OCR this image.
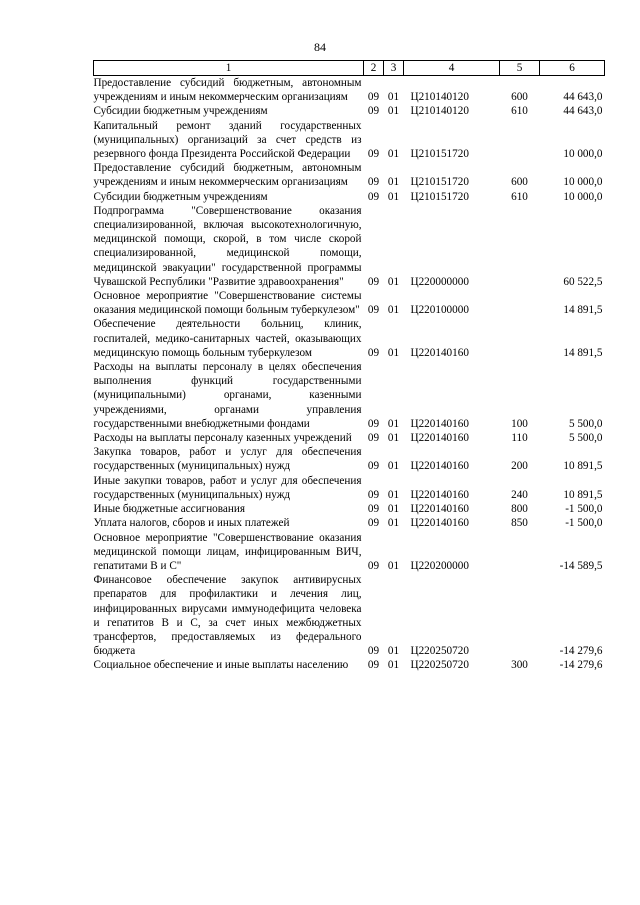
84
1	2	3	4	5	6
Предоставление субсидий бюджетным, автономным учреждениям и иным некоммерческим организациям	09	01	Ц210140120	600	44 643,0
Субсидии бюджетным учреждениям	09	01	Ц210140120	610	44 643,0
Капитальный ремонт зданий государственных (муниципальных) организаций за счет средств из резервного фонда Президента Российской Федерации	09	01	Ц210151720		10 000,0
Предоставление субсидий бюджетным, автономным учреждениям и иным некоммерческим организациям	09	01	Ц210151720	600	10 000,0
Субсидии бюджетным учреждениям	09	01	Ц210151720	610	10 000,0
Подпрограмма "Совершенствование оказания специализированной, включая высокотехнологичную, медицинской помощи, скорой, в том числе скорой специализированной, медицинской помощи, медицинской эвакуации" государственной программы Чувашской Республики "Развитие здравоохранения"	09	01	Ц220000000		60 522,5
Основное мероприятие "Совершенствование системы оказания медицинской помощи больным туберкулезом"	09	01	Ц220100000		14 891,5
Обеспечение деятельности больниц, клиник, госпиталей, медико-санитарных частей, оказывающих медицинскую помощь больным туберкулезом	09	01	Ц220140160		14 891,5
Расходы на выплаты персоналу в целях обеспечения выполнения функций государственными (муниципальными) органами, казенными учреждениями, органами управления государственными внебюджетными фондами	09	01	Ц220140160	100	5 500,0
Расходы на выплаты персоналу казенных учреждений	09	01	Ц220140160	110	5 500,0
Закупка товаров, работ и услуг для обеспечения государственных (муниципальных) нужд	09	01	Ц220140160	200	10 891,5
Иные закупки товаров, работ и услуг для обеспечения государственных (муниципальных) нужд	09	01	Ц220140160	240	10 891,5
Иные бюджетные ассигнования	09	01	Ц220140160	800	-1 500,0
Уплата налогов, сборов и иных платежей	09	01	Ц220140160	850	-1 500,0
Основное мероприятие "Совершенствование оказания медицинской помощи лицам, инфицированным ВИЧ, гепатитами B и C"	09	01	Ц220200000		-14 589,5
Финансовое обеспечение закупок антивирусных препаратов для профилактики и лечения лиц, инфицированных вирусами иммунодефицита человека и гепатитов B и C, за счет иных межбюджетных трансфертов, предоставляемых из федерального бюджета	09	01	Ц220250720		-14 279,6
Социальное обеспечение и иные выплаты населению	09	01	Ц220250720	300	-14 279,6
